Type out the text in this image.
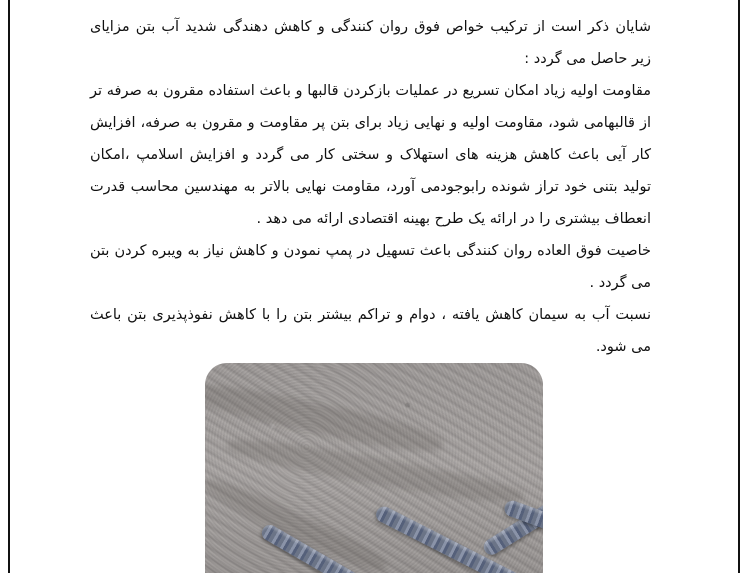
شایان ذکر است از ترکیب خواص فوق روان کنندگی و کاهش دهندگی شدید آب بتن مزایای زیر حاصل می گردد :

مقاومت اولیه زیاد امکان تسریع در عملیات بازکردن قالبها و باعث استفاده مقرون به صرفه تر از قالبهامی شود، مقاومت اولیه و نهایی زیاد برای بتن پر مقاومت و مقرون به صرفه، افزایش کار آیی باعث کاهش هزینه های استهلاک و سختی کار می گردد و افزایش اسلامپ ،امکان تولید بتنی خود تراز شونده رابوجودمی آورد، مقاومت نهایی بالاتر به مهندسین محاسب قدرت انعطاف بیشتری را در ارائه یک طرح بهینه اقتصادی ارائه می دهد .

خاصیت فوق العاده روان کنندگی باعث تسهیل در پمپ نمودن و کاهش نیاز به ویبره کردن بتن می گردد .

نسبت آب به سیمان کاهش یافته ، دوام و تراکم بیشتر بتن را با کاهش نفوذپذیری بتن باعث می شود.
